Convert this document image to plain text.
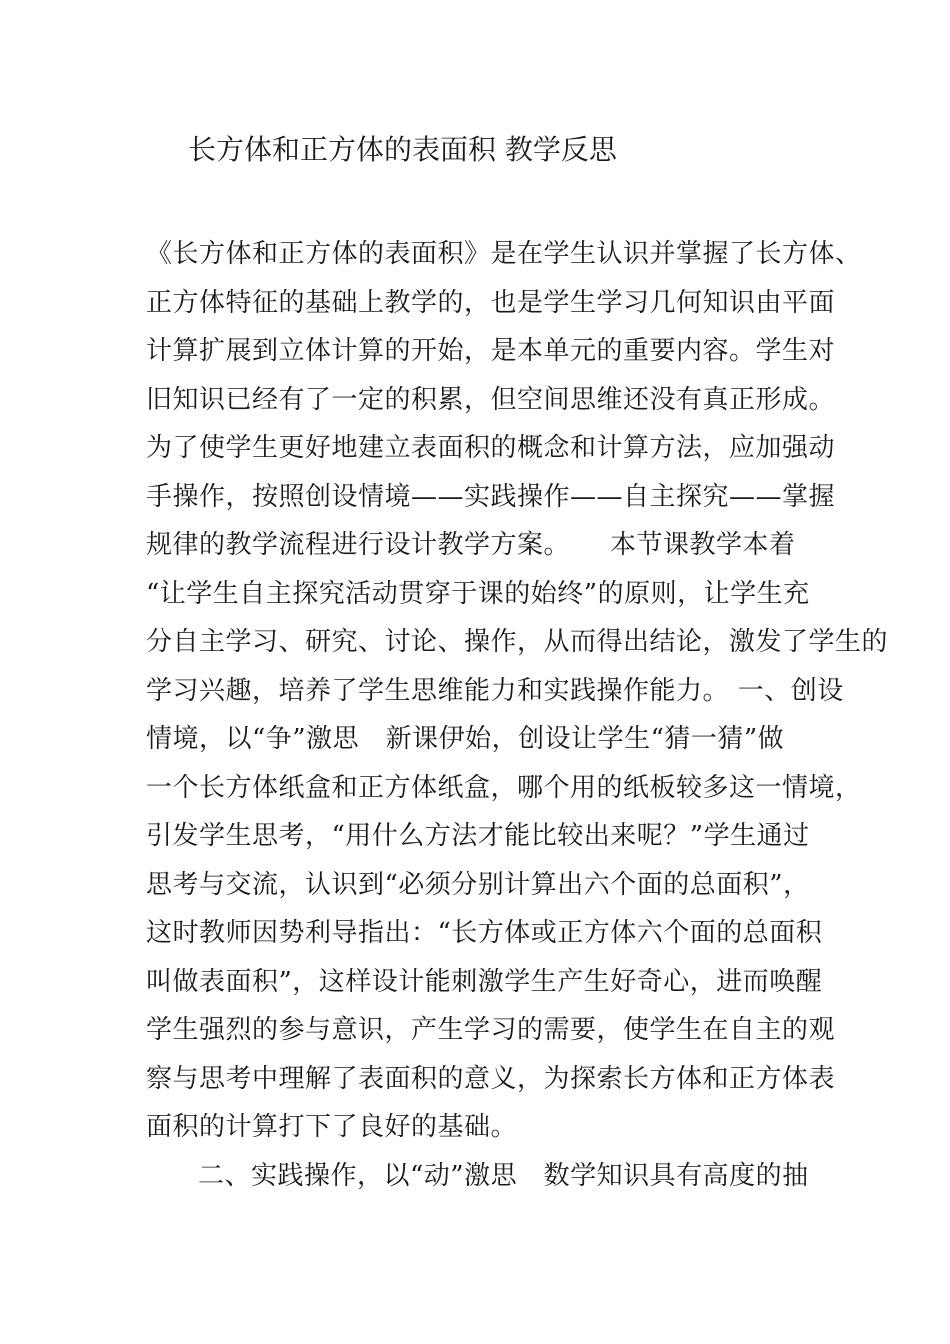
长方体和正方体的表面积 教学反思
《长方体和正方体的表面积》是在学生认识并掌握了长方体、
正方体特征的基础上教学的，也是学生学习几何知识由平面
计算扩展到立体计算的开始，是本单元的重要内容。学生对
旧知识已经有了一定的积累，但空间思维还没有真正形成。
为了使学生更好地建立表面积的概念和计算方法，应加强动
手操作，按照创设情境——实践操作——自主探究——掌握
规律的教学流程进行设计教学方案。　　本节课教学本着
“让学生自主探究活动贯穿于课的始终”的原则，让学生充
分自主学习、研究、讨论、操作，从而得出结论，激发了学生的
学习兴趣，培养了学生思维能力和实践操作能力。 一、创设
情境，以“争”激思　新课伊始，创设让学生“猜一猜”做
一个长方体纸盒和正方体纸盒，哪个用的纸板较多这一情境，
引发学生思考，“用什么方法才能比较出来呢？”学生通过
思考与交流，认识到“必须分别计算出六个面的总面积”，
这时教师因势利导指出：“长方体或正方体六个面的总面积
叫做表面积”，这样设计能刺激学生产生好奇心，进而唤醒
学生强烈的参与意识，产生学习的需要，使学生在自主的观
察与思考中理解了表面积的意义，为探索长方体和正方体表
面积的计算打下了良好的基础。
二、实践操作，以“动”激思　数学知识具有高度的抽
